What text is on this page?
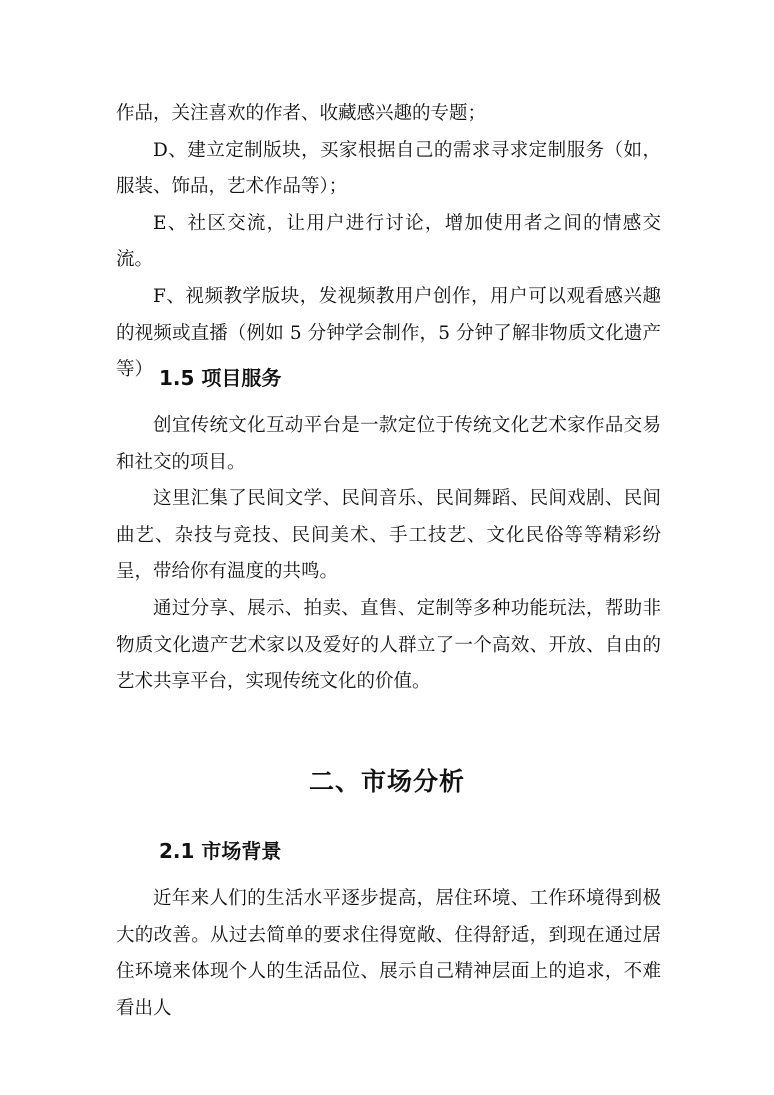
作品，关注喜欢的作者、收藏感兴趣的专题；

D、建立定制版块，买家根据自己的需求寻求定制服务（如，服装、饰品，艺术作品等）；

E、社区交流，让用户进行讨论，增加使用者之间的情感交流。

F、视频教学版块，发视频教用户创作，用户可以观看感兴趣的视频或直播（例如 5 分钟学会制作，5 分钟了解非物质文化遗产等） 1.5 项目服务

创宜传统文化互动平台是一款定位于传统文化艺术家作品交易和社交的项目。

这里汇集了民间文学、民间音乐、民间舞蹈、民间戏剧、民间曲艺、杂技与竞技、民间美术、手工技艺、文化民俗等等精彩纷呈，带给你有温度的共鸣。

通过分享、展示、拍卖、直售、定制等多种功能玩法，帮助非物质文化遗产艺术家以及爱好的人群立了一个高效、开放、自由的艺术共享平台，实现传统文化的价值。

二、市场分析
2.1 市场背景

近年来人们的生活水平逐步提高，居住环境、工作环境得到极大的改善。从过去简单的要求住得宽敞、住得舒适，到现在通过居住环境来体现个人的生活品位、展示自己精神层面上的追求，不难看出人
